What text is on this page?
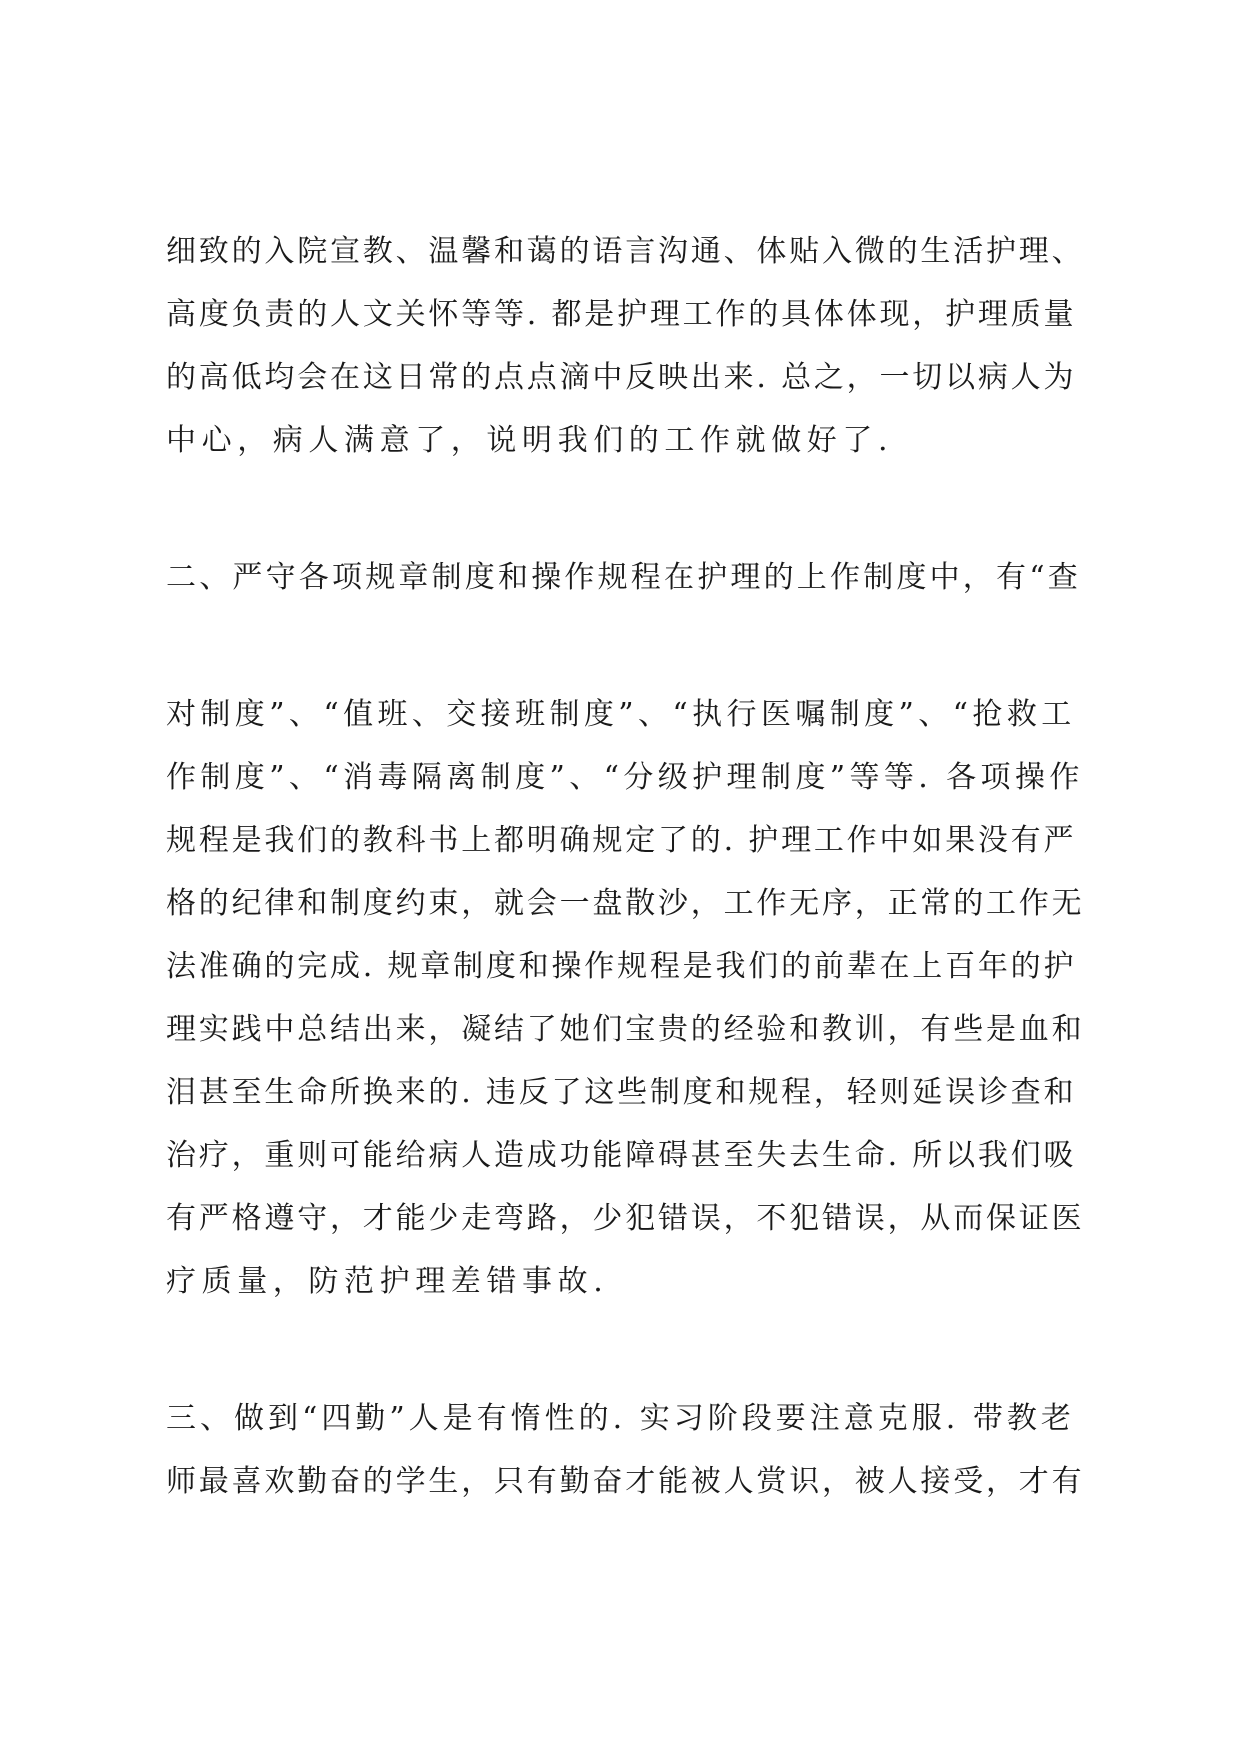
细致的入院宣教、温馨和蔼的语言沟通、体贴入微的生活护理、
高度负责的人文关怀等等. 都是护理工作的具体体现，护理质量
的高低均会在这日常的点点滴中反映出来. 总之，一切以病人为
中心，病人满意了，说明我们的工作就做好了.
二、严守各项规章制度和操作规程在护理的上作制度中，有“查
对制度”、“值班、交接班制度”、“执行医嘱制度”、“抢救工
作制度”、“消毒隔离制度”、“分级护理制度”等等. 各项操作
规程是我们的教科书上都明确规定了的. 护理工作中如果没有严
格的纪律和制度约束，就会一盘散沙，工作无序，正常的工作无
法准确的完成. 规章制度和操作规程是我们的前辈在上百年的护
理实践中总结出来，凝结了她们宝贵的经验和教训，有些是血和
泪甚至生命所换来的. 违反了这些制度和规程，轻则延误诊查和
治疗，重则可能给病人造成功能障碍甚至失去生命. 所以我们吸
有严格遵守，才能少走弯路，少犯错误，不犯错误，从而保证医
疗质量，防范护理差错事故.
三、做到“四勤”人是有惰性的. 实习阶段要注意克服. 带教老
师最喜欢勤奋的学生，只有勤奋才能被人赏识，被人接受，才有
